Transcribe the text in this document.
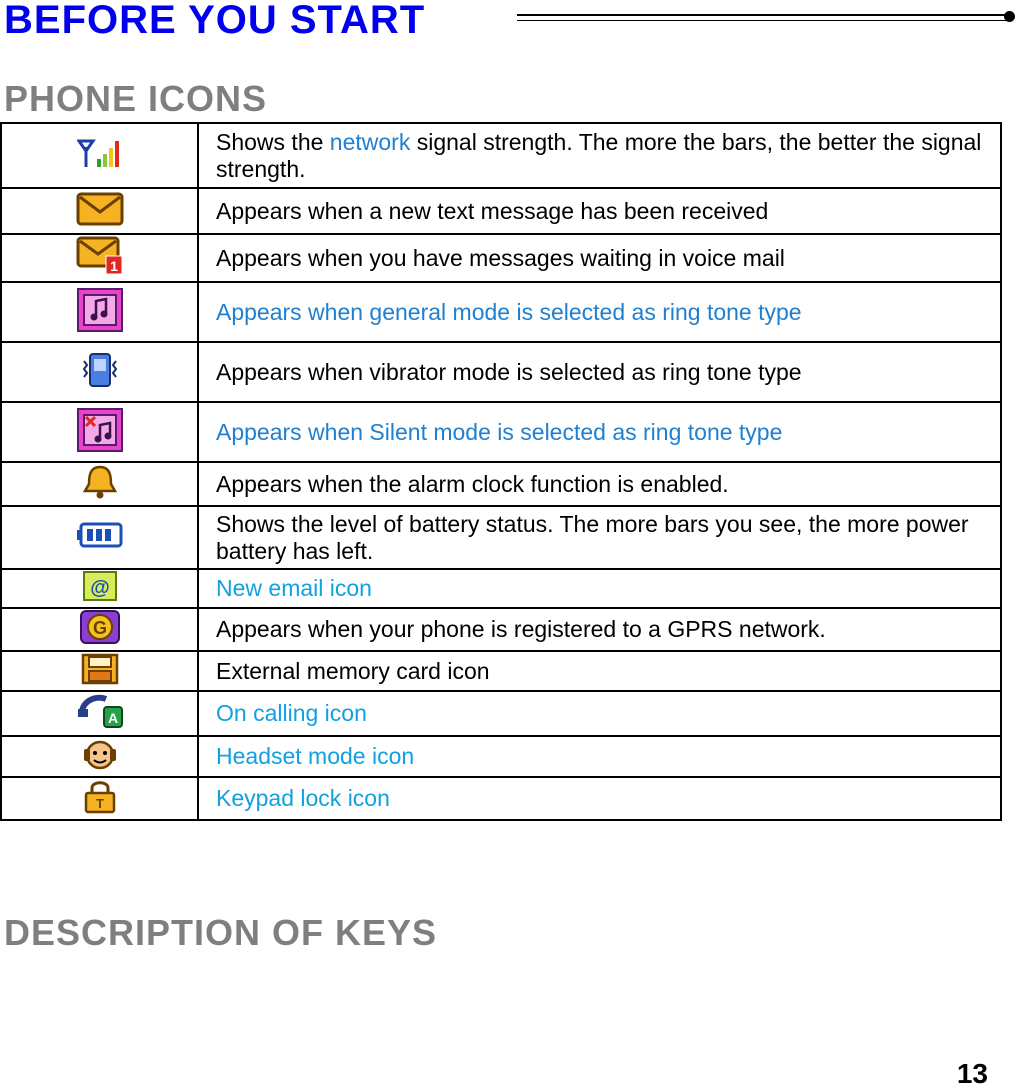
BEFORE YOU START
PHONE ICONS
	Shows the network signal strength. The more the bars, the better the signal strength.
	Appears when a new text message has been received

1	Appears when you have messages waiting in voice mail
	Appears when general mode is selected as ring tone type
	Appears when vibrator mode is selected as ring tone type
	Appears when Silent mode is selected as ring tone type
	Appears when the alarm clock function is enabled.
	Shows the level of battery status. The more bars you see, the more power battery has left.

@	New email icon

G	Appears when your phone is registered to a GPRS network.
	External memory card icon

A	On calling icon
	Headset mode icon

T	Keypad lock icon
DESCRIPTION OF KEYS
13
